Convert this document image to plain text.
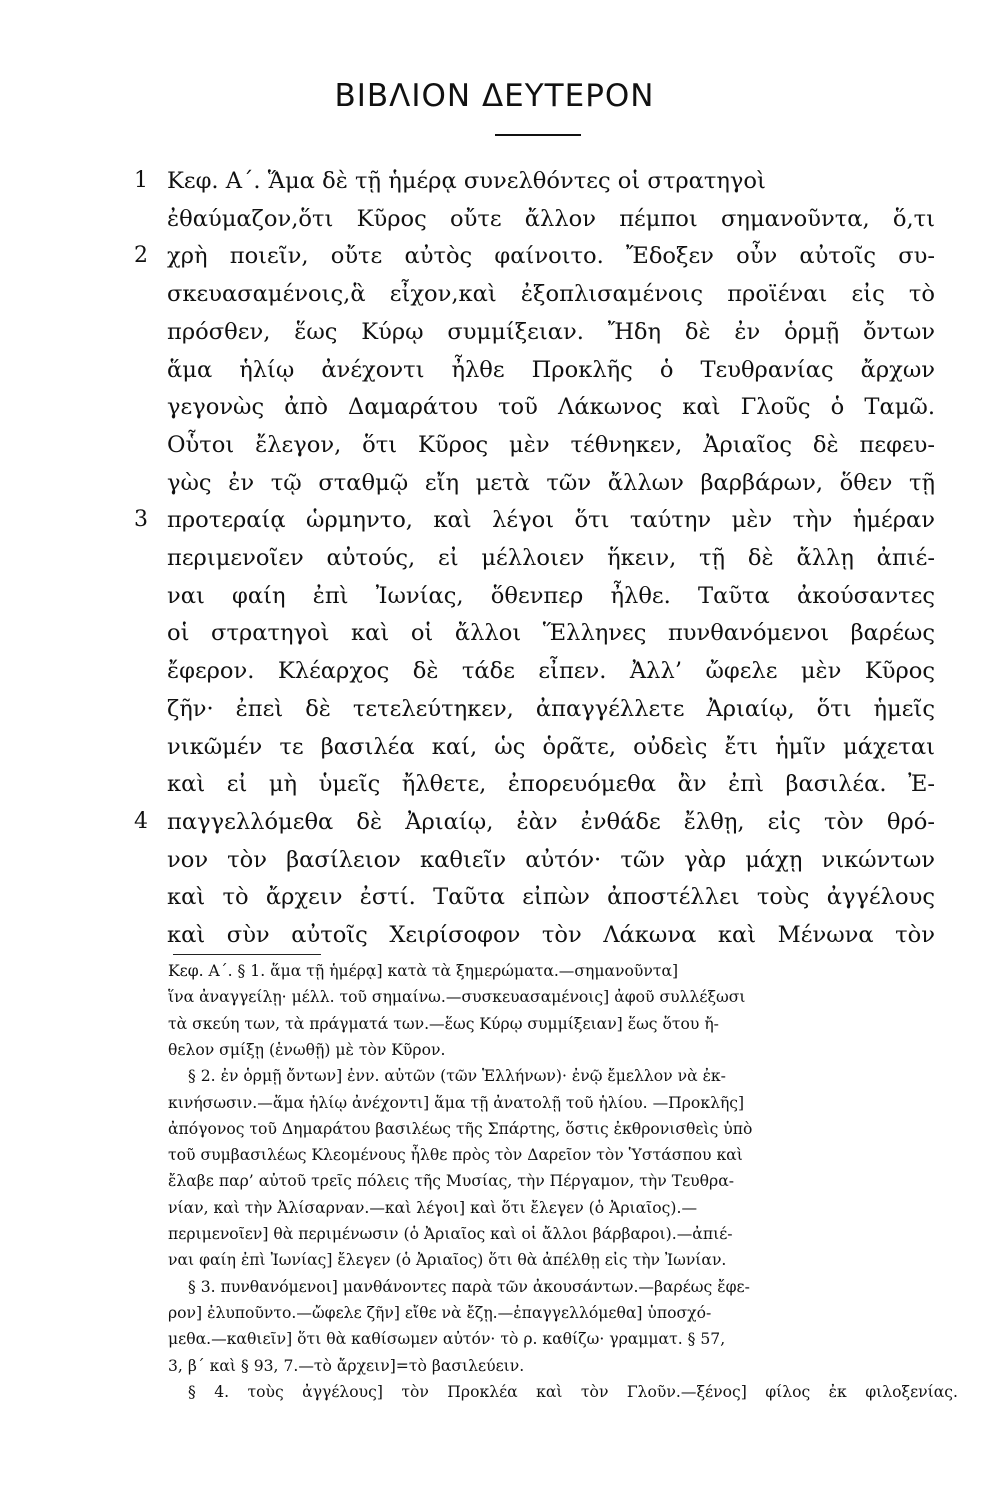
ΒΙΒΛΙΟΝ ΔΕΥΤΕΡΟΝ
1 Κεφ. Α΄. Ἅμα δὲ τῇ ἡμέρᾳ συνελθόντες οἱ στρατηγοὶ
ἐθαύμαζον,ὅτι Κῦρος οὔτε ἄλλον πέμποι σημανοῦντα, ὅ,τι
2 χρὴ ποιεῖν, οὔτε αὐτὸς φαίνοιτο. Ἔδοξεν οὖν αὐτοῖς συ-
σκευασαμένοις,ἃ εἶχον,καὶ ἐξοπλισαμένοις προϊέναι εἰς τὸ
πρόσθεν, ἕως Κύρῳ συμμίξειαν. Ἤδη δὲ ἐν ὁρμῇ ὄντων
ἅμα ἡλίῳ ἀνέχοντι ἦλθε Προκλῆς ὁ Τευθρανίας ἄρχων
γεγονὼς ἀπὸ Δαμαράτου τοῦ Λάκωνος καὶ Γλοῦς ὁ Ταμῶ.
Οὗτοι ἔλεγον, ὅτι Κῦρος μὲν τέθνηκεν, Ἀριαῖος δὲ πεφευ-
γὼς ἐν τῷ σταθμῷ εἴη μετὰ τῶν ἄλλων βαρβάρων, ὅθεν τῇ
3 προτεραίᾳ ὡρμηντο, καὶ λέγοι ὅτι ταύτην μὲν τὴν ἡμέραν
περιμενοῖεν αὐτούς, εἰ μέλλοιεν ἥκειν, τῇ δὲ ἄλλῃ ἀπιέ-
ναι φαίη ἐπὶ Ἰωνίας, ὅθενπερ ἦλθε. Ταῦτα ἀκούσαντες
οἱ στρατηγοὶ καὶ οἱ ἄλλοι Ἕλληνες πυνθανόμενοι βαρέως
ἔφερον. Κλέαρχος δὲ τάδε εἶπεν. Ἀλλ’ ὤφελε μὲν Κῦρος
ζῆν· ἐπεὶ δὲ τετελεύτηκεν, ἀπαγγέλλετε Ἀριαίῳ, ὅτι ἡμεῖς
νικῶμέν τε βασιλέα καί, ὡς ὁρᾶτε, οὐδεὶς ἔτι ἡμῖν μάχεται
καὶ εἰ μὴ ὑμεῖς ἤλθετε, ἐπορευόμεθα ἂν ἐπὶ βασιλέα. Ἐ-
4 παγγελλόμεθα δὲ Ἀριαίῳ, ἐὰν ἐνθάδε ἔλθῃ, εἰς τὸν θρό-
νον τὸν βασίλειον καθιεῖν αὐτόν· τῶν γὰρ μάχῃ νικώντων
καὶ τὸ ἄρχειν ἐστί. Ταῦτα εἰπὼν ἀποστέλλει τοὺς ἀγγέλους
καὶ σὺν αὐτοῖς Χειρίσοφον τὸν Λάκωνα καὶ Μένωνα τὸν
Κεφ. Α΄. § 1. ἅμα τῇ ἡμέρᾳ] κατὰ τὰ ξημερώματα.—σημανοῦντα]
ἵνα ἀναγγείλῃ· μέλλ. τοῦ σημαίνω.—συσκευασαμένοις] ἀφοῦ συλλέξωσι
τὰ σκεύη των, τὰ πράγματά των.—ἕως Κύρῳ συμμίξειαν] ἕως ὅτου ἤ-
θελον σμίξῃ (ἑνωθῇ) μὲ τὸν Κῦρον.
§ 2. ἐν ὁρμῇ ὄντων] ἐνν. αὐτῶν (τῶν Ἑλλήνων)· ἐνῷ ἔμελλον νὰ ἐκ-
κινήσωσιν.—ἅμα ἡλίῳ ἀνέχοντι] ἅμα τῇ ἀνατολῇ τοῦ ἡλίου. —Προκλῆς]
ἀπόγονος τοῦ Δημαράτου βασιλέως τῆς Σπάρτης, ὅστις ἐκθρονισθεὶς ὑπὸ
τοῦ συμβασιλέως Κλεομένους ἦλθε πρὸς τὸν Δαρεῖον τὸν Ὑστάσπου καὶ
ἔλαβε παρ’ αὐτοῦ τρεῖς πόλεις τῆς Μυσίας, τὴν Πέργαμον, τὴν Τευθρα-
νίαν, καὶ τὴν Ἀλίσαρναν.—καὶ λέγοι] καὶ ὅτι ἔλεγεν (ὁ Ἀριαῖος).—
περιμενοῖεν] θὰ περιμένωσιν (ὁ Ἀριαῖος καὶ οἱ ἄλλοι βάρβαροι).—ἀπιέ-
ναι φαίη ἐπὶ Ἰωνίας] ἔλεγεν (ὁ Ἀριαῖος) ὅτι θὰ ἀπέλθῃ εἰς τὴν Ἰωνίαν.
§ 3. πυνθανόμενοι] μανθάνοντες παρὰ τῶν ἀκουσάντων.—βαρέως ἔφε-
ρον] ἐλυποῦντο.—ὤφελε ζῆν] εἴθε νὰ ἔζῃ.—ἐπαγγελλόμεθα] ὑποσχό-
μεθα.—καθιεῖν] ὅτι θὰ καθίσωμεν αὐτόν· τὸ ρ. καθίζω· γραμματ. § 57,
3, β΄ καὶ § 93, 7.—τὸ ἄρχειν]=τὸ βασιλεύειν.
§ 4. τοὺς ἀγγέλους] τὸν Προκλέα καὶ τὸν Γλοῦν.—ξένος] φίλος ἐκ φιλοξενίας.
